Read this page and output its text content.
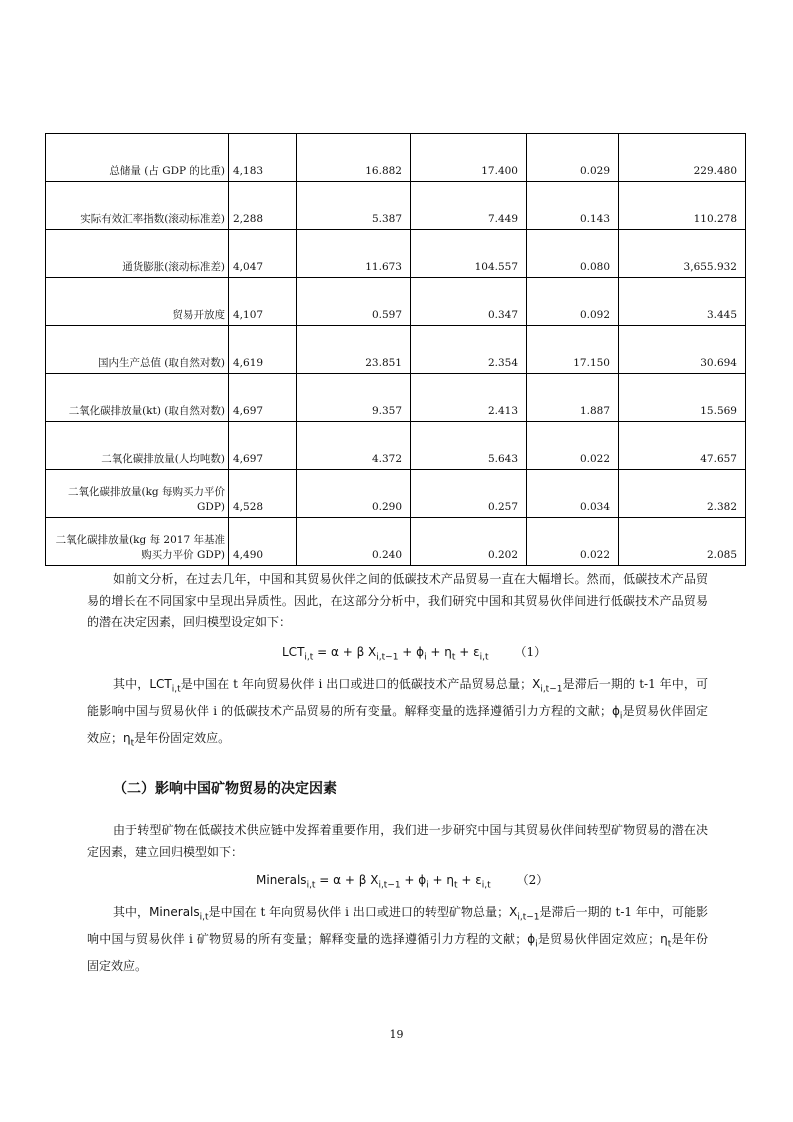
总储量 (占 GDP 的比重)	4,183	16.882	17.400	0.029	229.480
实际有效汇率指数(滚动标准差)	2,288	5.387	7.449	0.143	110.278
通货膨胀(滚动标准差)	4,047	11.673	104.557	0.080	3,655.932
贸易开放度	4,107	0.597	0.347	0.092	3.445
国内生产总值 (取自然对数)	4,619	23.851	2.354	17.150	30.694
二氧化碳排放量(kt) (取自然对数)	4,697	9.357	2.413	1.887	15.569
二氧化碳排放量(人均吨数)	4,697	4.372	5.643	0.022	47.657
二氧化碳排放量(kg 每购买力平价 GDP)	4,528	0.290	0.257	0.034	2.382
二氧化碳排放量(kg 每 2017 年基准购买力平价 GDP)	4,490	0.240	0.202	0.022	2.085

如前文分析，在过去几年，中国和其贸易伙伴之间的低碳技术产品贸易一直在大幅增长。然而，低碳技术产品贸易的增长在不同国家中呈现出异质性。因此，在这部分分析中，我们研究中国和其贸易伙伴间进行低碳技术产品贸易的潜在决定因素，回归模型设定如下：

$LCT_{i,t} = \alpha + \beta$ $X_{i,t-1} + \phi_i + \eta_t + \varepsilon_{i,t}$ （1）

其中，$LCT_{i,t}$是中国在 t 年向贸易伙伴 i 出口或进口的低碳技术产品贸易总量；$X_{i,t-1}$是滞后一期的 t-1 年中，可能影响中国与贸易伙伴 i 的低碳技术产品贸易的所有变量。解释变量的选择遵循引力方程的文献；$\phi_i$是贸易伙伴固定效应；$\eta_t$是年份固定效应。

（二）影响中国矿物贸易的决定因素

由于转型矿物在低碳技术供应链中发挥着重要作用，我们进一步研究中国与其贸易伙伴间转型矿物贸易的潜在决定因素，建立回归模型如下：

Minerals$_{i,t}$ = α + β $X_{i,t-1} + \phi_i + \eta_t + \varepsilon_{i,t}$ （2）

其中，Minerals$_{i,t}$是中国在 t 年向贸易伙伴 i 出口或进口的转型矿物总量；$X_{i,t-1}$是滞后一期的 t-1 年中，可能影响中国与贸易伙伴 i 矿物贸易的所有变量；解释变量的选择遵循引力方程的文献；$\phi_i$是贸易伙伴固定效应；$\eta_t$是年份固定效应。

19
